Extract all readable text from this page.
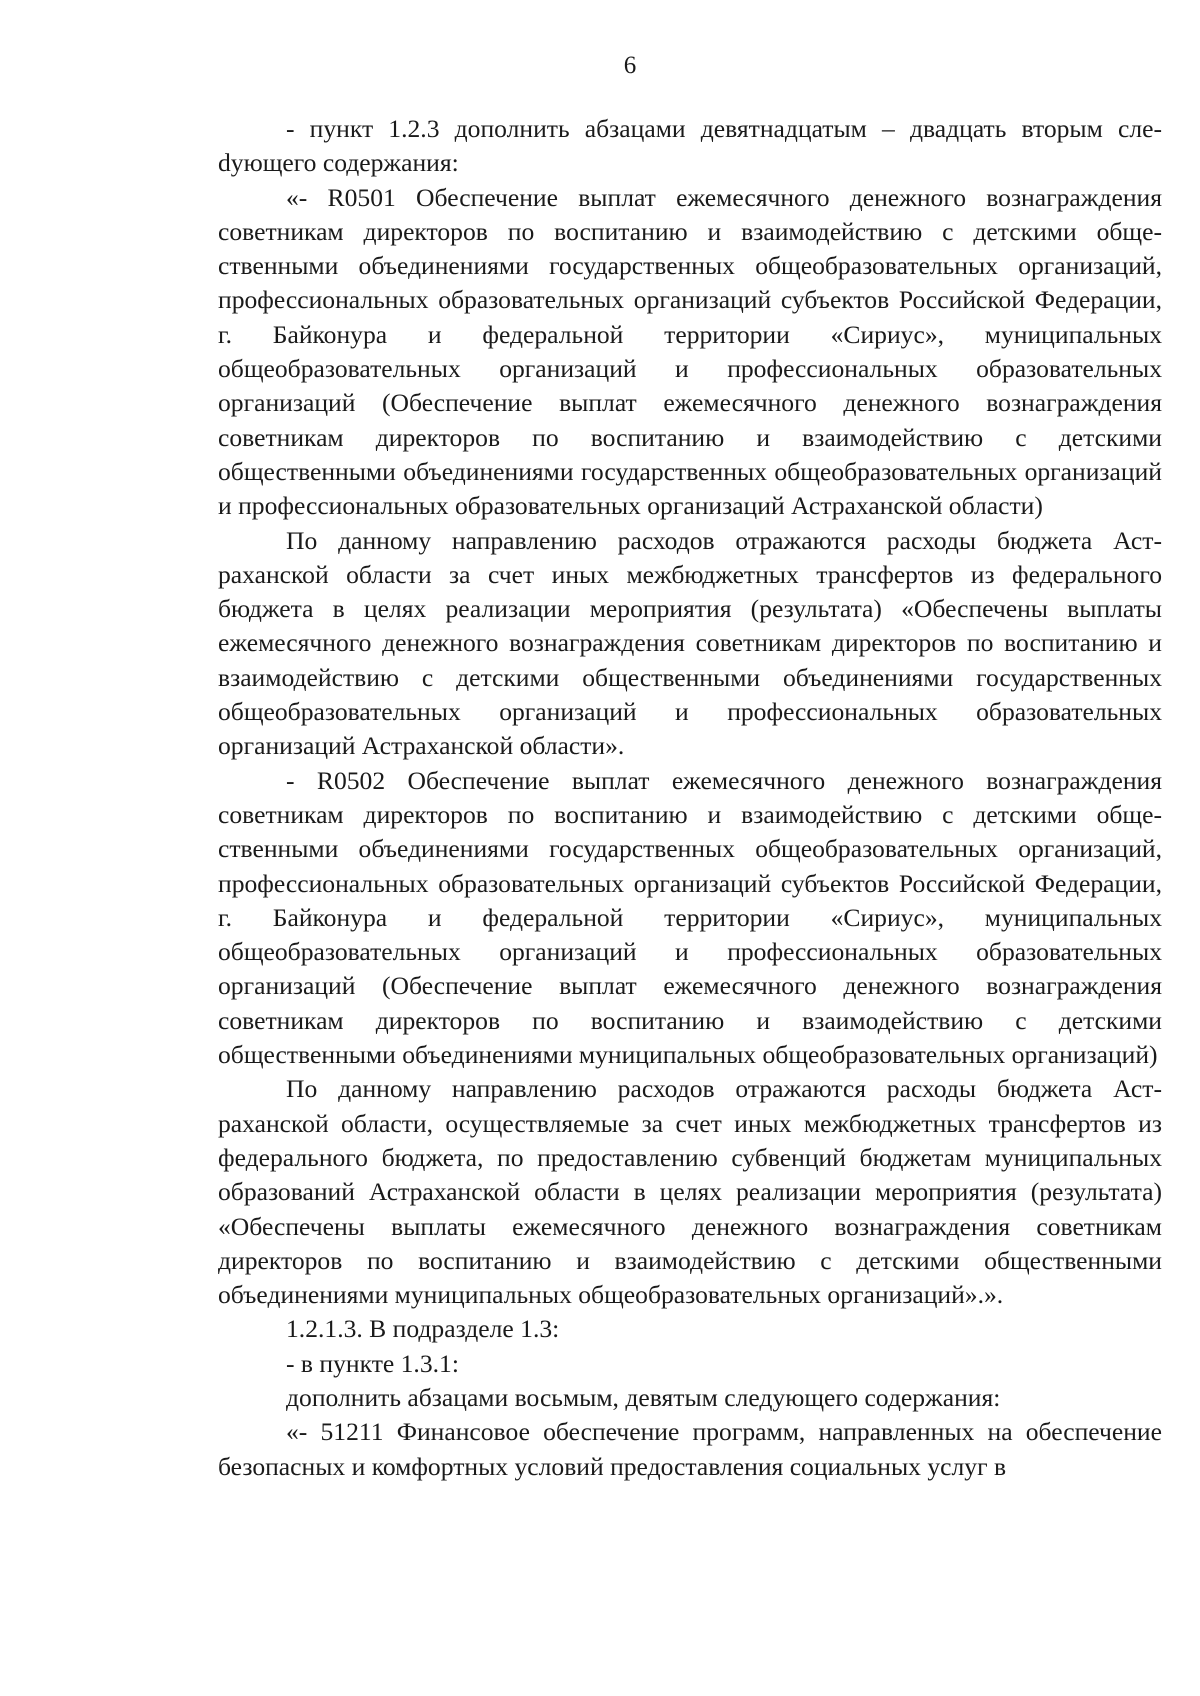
6

- пункт 1.2.3 дополнить абзацами девятнадцатым – двадцать вторым слеdующего содержания:

«- R0501 Обеспечение выплат ежемесячного денежного вознаграждения советникам директоров по воспитанию и взаимодействию с детскими общественными объединениями государственных общеобразовательных организаций, профессиональных образовательных организаций субъектов Российской Федерации, г. Байконура и федеральной территории «Сириус», муниципальных общеобразовательных организаций и профессиональных образовательных организаций (Обеспечение выплат ежемесячного денежного вознаграждения советникам директоров по воспитанию и взаимодействию с детскими общественными объединениями государственных общеобразовательных организаций и профессиональных образовательных организаций Астраханской области)

По данному направлению расходов отражаются расходы бюджета Астраханской области за счет иных межбюджетных трансфертов из федерального бюджета в целях реализации мероприятия (результата) «Обеспечены выплаты ежемесячного денежного вознаграждения советникам директоров по воспитанию и взаимодействию с детскими общественными объединениями государственных общеобразовательных организаций и профессиональных образовательных организаций Астраханской области».

- R0502 Обеспечение выплат ежемесячного денежного вознаграждения советникам директоров по воспитанию и взаимодействию с детскими общественными объединениями государственных общеобразовательных организаций, профессиональных образовательных организаций субъектов Российской Федерации, г. Байконура и федеральной территории «Сириус», муниципальных общеобразовательных организаций и профессиональных образовательных организаций (Обеспечение выплат ежемесячного денежного вознаграждения советникам директоров по воспитанию и взаимодействию с детскими общественными объединениями муниципальных общеобразовательных организаций)

По данному направлению расходов отражаются расходы бюджета Астраханской области, осуществляемые за счет иных межбюджетных трансфертов из федерального бюджета, по предоставлению субвенций бюджетам муниципальных образований Астраханской области в целях реализации мероприятия (результата) «Обеспечены выплаты ежемесячного денежного вознаграждения советникам директоров по воспитанию и взаимодействию с детскими общественными объединениями муниципальных общеобразовательных организаций».».

1.2.1.3. В подразделе 1.3:

- в пункте 1.3.1:

дополнить абзацами восьмым, девятым следующего содержания:

«- 51211 Финансовое обеспечение программ, направленных на обеспечение безопасных и комфортных условий предоставления социальных услуг в
